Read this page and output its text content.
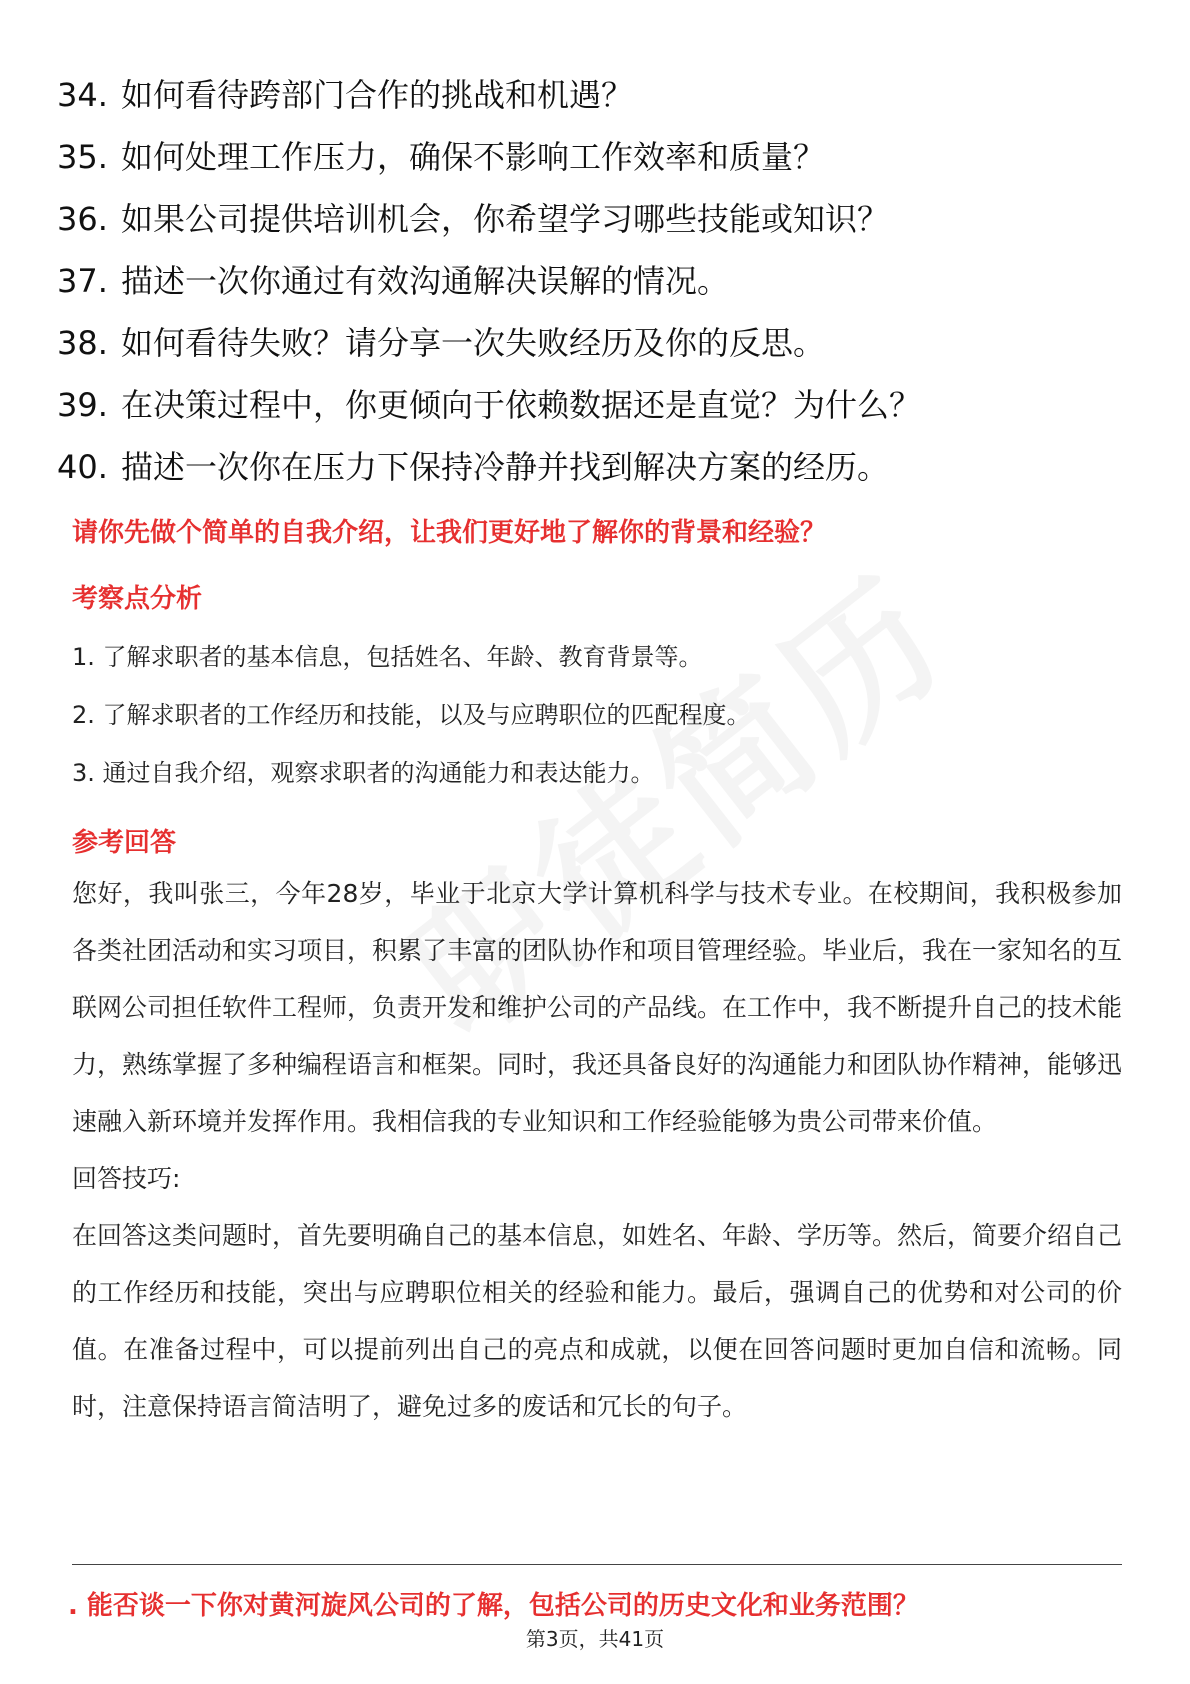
34. 如何看待跨部门合作的挑战和机遇？
35. 如何处理工作压力，确保不影响工作效率和质量？
36. 如果公司提供培训机会，你希望学习哪些技能或知识？
37. 描述一次你通过有效沟通解决误解的情况。
38. 如何看待失败？请分享一次失败经历及你的反思。
39. 在决策过程中，你更倾向于依赖数据还是直觉？为什么？
40. 描述一次你在压力下保持冷静并找到解决方案的经历。
请你先做个简单的自我介绍，让我们更好地了解你的背景和经验？
考察点分析
1. 了解求职者的基本信息，包括姓名、年龄、教育背景等。
2. 了解求职者的工作经历和技能，以及与应聘职位的匹配程度。
3. 通过自我介绍，观察求职者的沟通能力和表达能力。
参考回答

您好，我叫张三，今年28岁，毕业于北京大学计算机科学与技术专业。在校期间，我积极参加各类社团活动和实习项目，积累了丰富的团队协作和项目管理经验。毕业后，我在一家知名的互联网公司担任软件工程师，负责开发和维护公司的产品线。在工作中，我不断提升自己的技术能力，熟练掌握了多种编程语言和框架。同时，我还具备良好的沟通能力和团队协作精神，能够迅速融入新环境并发挥作用。我相信我的专业知识和工作经验能够为贵公司带来价值。

回答技巧:

在回答这类问题时，首先要明确自己的基本信息，如姓名、年龄、学历等。然后，简要介绍自己的工作经历和技能，突出与应聘职位相关的经验和能力。最后，强调自己的优势和对公司的价值。在准备过程中，可以提前列出自己的亮点和成就，以便在回答问题时更加自信和流畅。同时，注意保持语言简洁明了，避免过多的废话和冗长的句子。

. 能否谈一下你对黄河旋风公司的了解，包括公司的历史文化和业务范围？
第3页，共41页
